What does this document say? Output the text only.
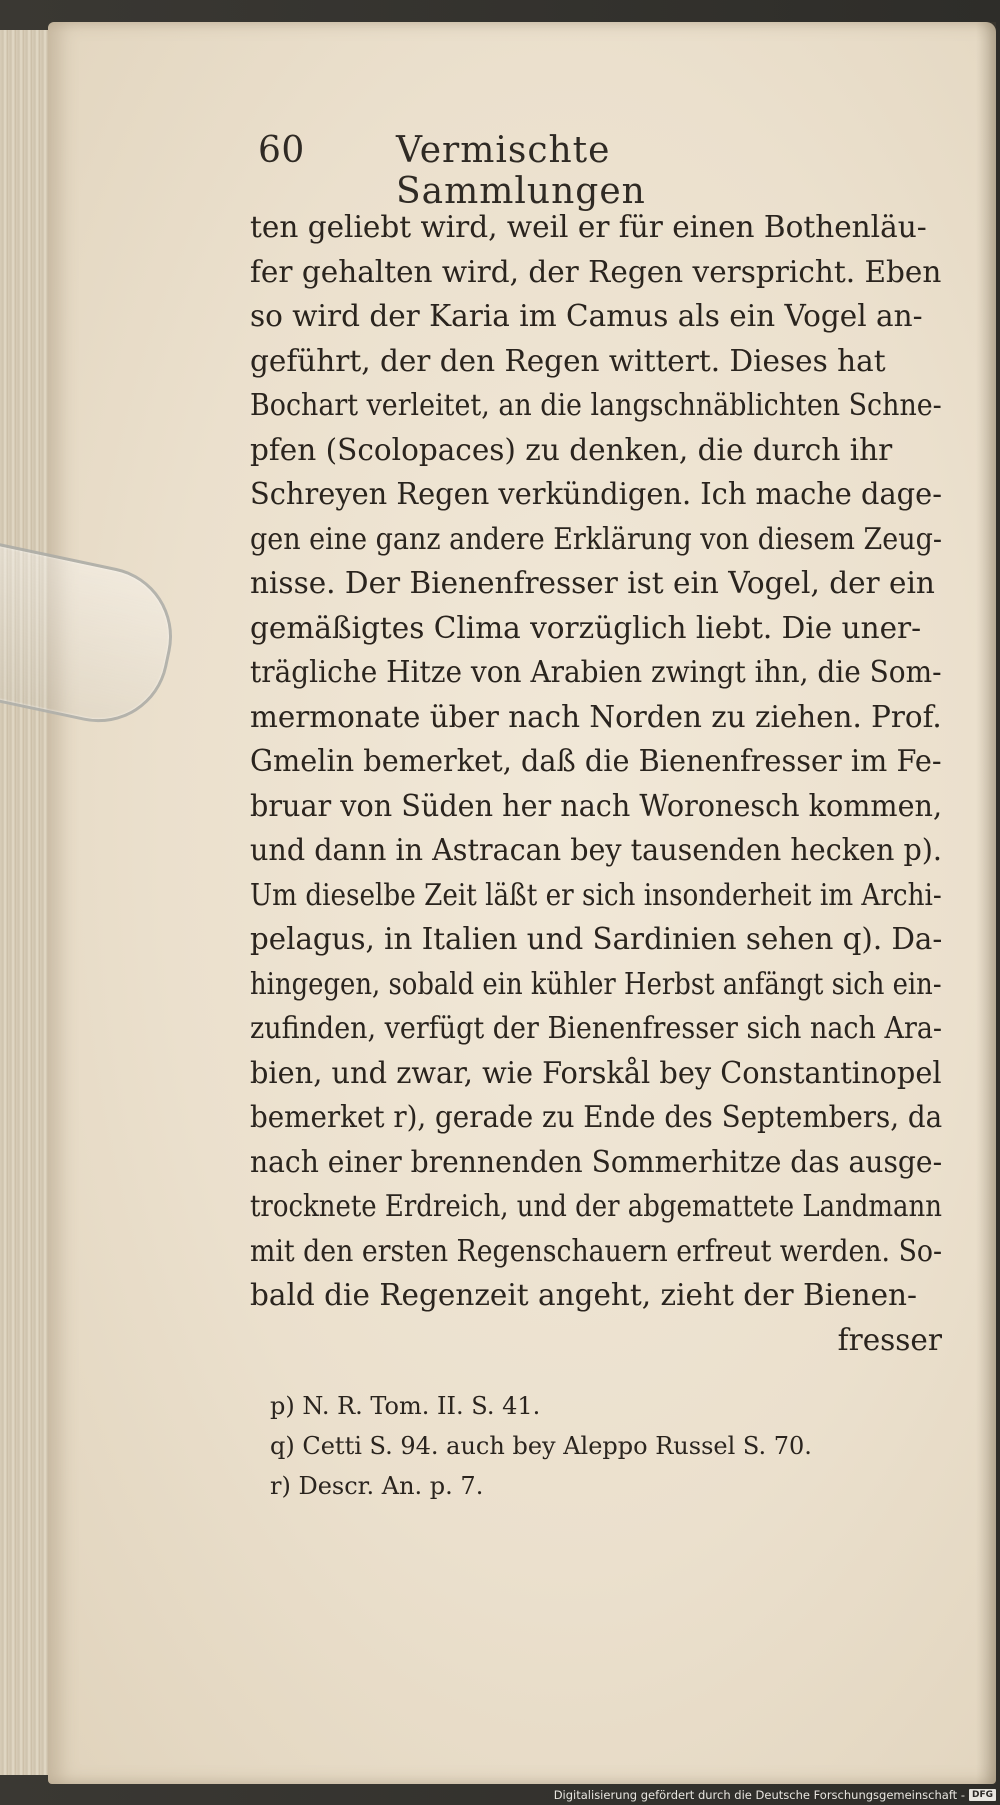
60	Vermischte Sammlungen
ten geliebt wird, weil er für einen Bothenläu-
fer gehalten wird, der Regen verspricht. Eben
so wird der Karia im Camus als ein Vogel an-
geführt, der den Regen wittert. Dieses hat
Bochart verleitet, an die langschnäblichten Schne-
pfen (Scolopaces) zu denken, die durch ihr
Schreyen Regen verkündigen. Ich mache dage-
gen eine ganz andere Erklärung von diesem Zeug-
nisse. Der Bienenfresser ist ein Vogel, der ein
gemäßigtes Clima vorzüglich liebt. Die uner-
trägliche Hitze von Arabien zwingt ihn, die Som-
mermonate über nach Norden zu ziehen. Prof.
Gmelin bemerket, daß die Bienenfresser im Fe-
bruar von Süden her nach Woronesch kommen,
und dann in Astracan bey tausenden hecken p).
Um dieselbe Zeit läßt er sich insonderheit im Archi-
pelagus, in Italien und Sardinien sehen q). Da-
hingegen, sobald ein kühler Herbst anfängt sich ein-
zufinden, verfügt der Bienenfresser sich nach Ara-
bien, und zwar, wie Forskål bey Constantinopel
bemerket r), gerade zu Ende des Septembers, da
nach einer brennenden Sommerhitze das ausge-
trocknete Erdreich, und der abgemattete Landmann
mit den ersten Regenschauern erfreut werden. So-
bald die Regenzeit angeht, zieht der Bienen-
fresser
p) N. R. Tom. II. S. 41.
q) Cetti S. 94. auch bey Aleppo Russel S. 70.
r) Descr. An. p. 7.
Digitalisierung gefördert durch die Deutsche Forschungsgemeinschaft - DFG
